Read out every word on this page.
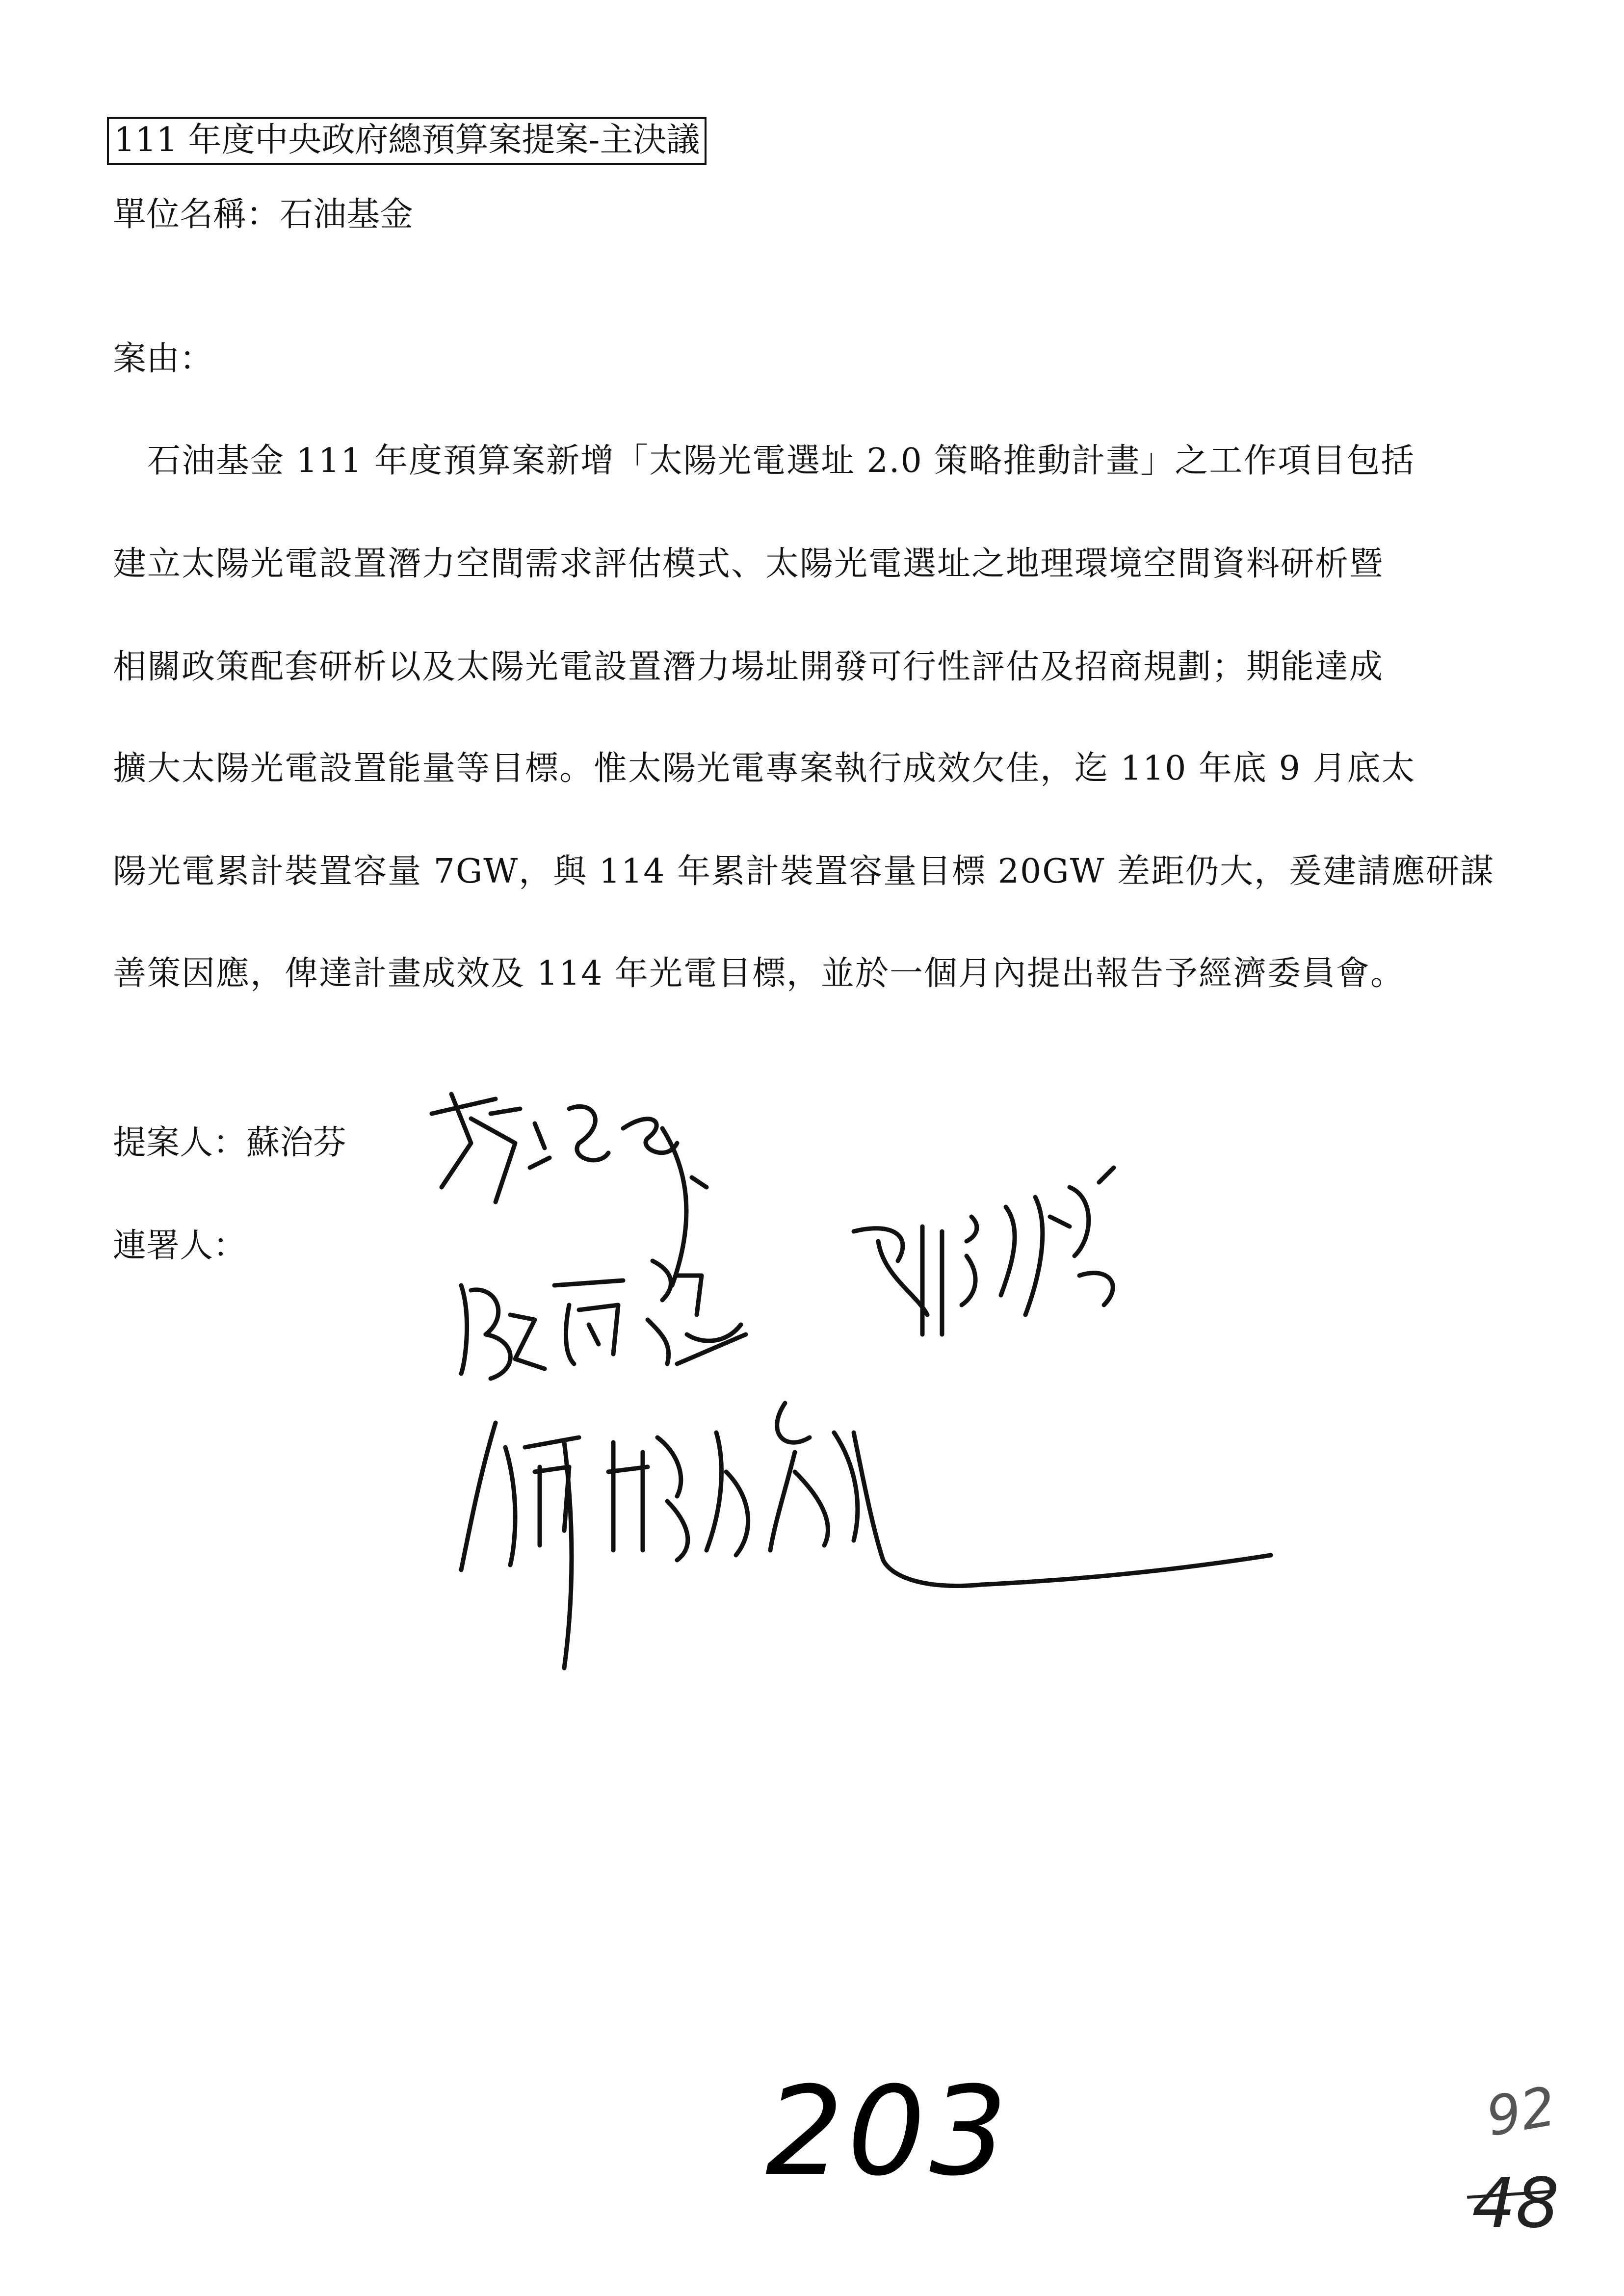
111 年度中央政府總預算案提案-主決議
單位名稱：石油基金
案由：
石油基金 111 年度預算案新增「太陽光電選址 2.0 策略推動計畫」之工作項目包括
建立太陽光電設置潛力空間需求評估模式、太陽光電選址之地理環境空間資料研析暨
相關政策配套研析以及太陽光電設置潛力場址開發可行性評估及招商規劃；期能達成
擴大太陽光電設置能量等目標。惟太陽光電專案執行成效欠佳，迄 110 年底 9 月底太
陽光電累計裝置容量 7GW，與 114 年累計裝置容量目標 20GW 差距仍大，爰建請應研謀
善策因應，俾達計畫成效及 114 年光電目標，並於一個月內提出報告予經濟委員會。
提案人：蘇治芬
連署人：
203	92
48
